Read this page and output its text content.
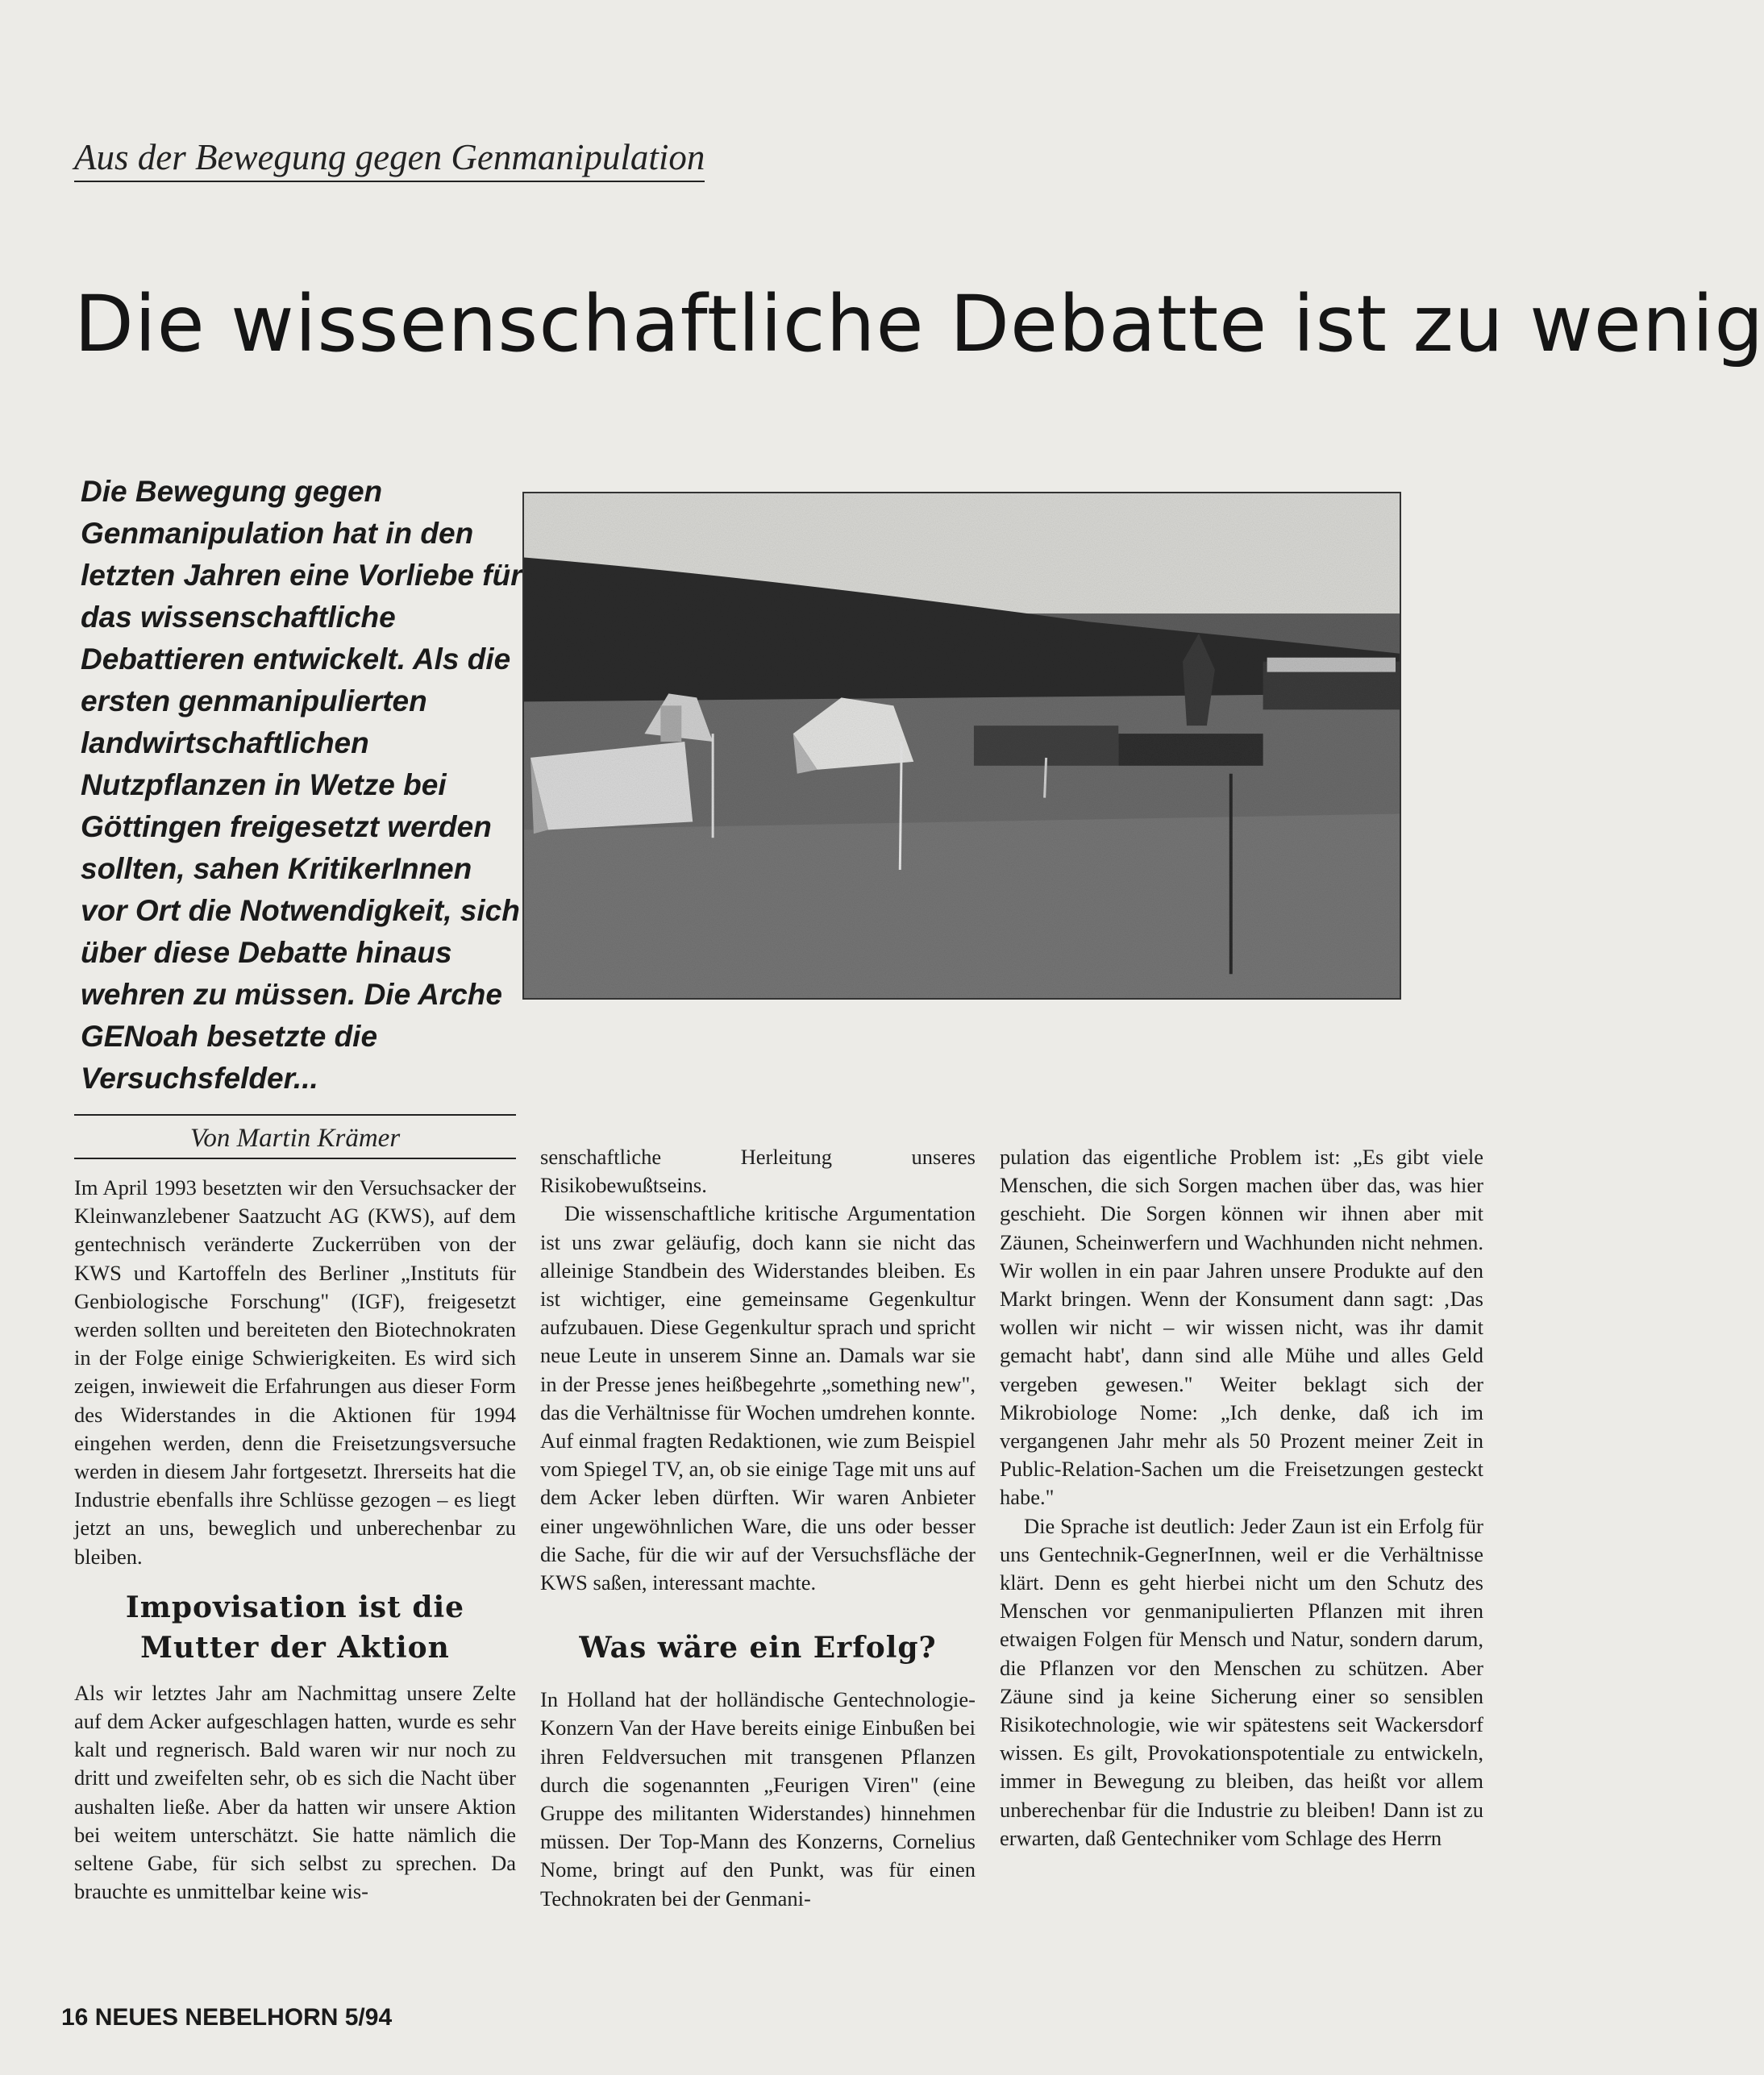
Aus der Bewegung gegen Genmanipulation
Die wissenschaftliche Debatte ist zu wenig

Die Bewegung gegen Genmanipulation hat in den letzten Jahren eine Vorliebe für das wissenschaftliche Debattieren entwickelt. Als die ersten genmanipulierten landwirtschaftlichen Nutzpflanzen in Wetze bei Göttingen freigesetzt werden sollten, sahen KritikerInnen vor Ort die Notwendigkeit, sich über diese Debatte hinaus wehren zu müssen. Die Arche GENoah besetzte die Versuchsfelder...

Von Martin Krämer

Im April 1993 besetzten wir den Versuchsacker der Kleinwanzlebener Saatzucht AG (KWS), auf dem gentechnisch veränderte Zuckerrüben von der KWS und Kartoffeln des Berliner „Instituts für Genbiologische Forschung" (IGF), freigesetzt werden sollten und bereiteten den Biotechnokraten in der Folge einige Schwierigkeiten. Es wird sich zeigen, inwieweit die Erfahrungen aus dieser Form des Widerstandes in die Aktionen für 1994 eingehen werden, denn die Freisetzungsversuche werden in diesem Jahr fortgesetzt. Ihrerseits hat die Industrie ebenfalls ihre Schlüsse gezogen – es liegt jetzt an uns, beweglich und unberechenbar zu bleiben.

Impovisation ist die Mutter der Aktion

Als wir letztes Jahr am Nachmittag unsere Zelte auf dem Acker aufgeschlagen hatten, wurde es sehr kalt und regnerisch. Bald waren wir nur noch zu dritt und zweifelten sehr, ob es sich die Nacht über aushalten ließe. Aber da hatten wir unsere Aktion bei weitem unterschätzt. Sie hatte nämlich die seltene Gabe, für sich selbst zu sprechen. Da brauchte es unmittelbar keine wis-

senschaftliche Herleitung unseres Risikobewußtseins.

Die wissenschaftliche kritische Argumentation ist uns zwar geläufig, doch kann sie nicht das alleinige Standbein des Widerstandes bleiben. Es ist wichtiger, eine gemeinsame Gegenkultur aufzubauen. Diese Gegenkultur sprach und spricht neue Leute in unserem Sinne an. Damals war sie in der Presse jenes heißbegehrte „something new", das die Verhältnisse für Wochen umdrehen konnte. Auf einmal fragten Redaktionen, wie zum Beispiel vom Spiegel TV, an, ob sie einige Tage mit uns auf dem Acker leben dürften. Wir waren Anbieter einer ungewöhnlichen Ware, die uns oder besser die Sache, für die wir auf der Versuchsfläche der KWS saßen, interessant machte.

Was wäre ein Erfolg?

In Holland hat der holländische Gentechnologie-Konzern Van der Have bereits einige Einbußen bei ihren Feldversuchen mit transgenen Pflanzen durch die sogenannten „Feurigen Viren" (eine Gruppe des militanten Widerstandes) hinnehmen müssen. Der Top-Mann des Konzerns, Cornelius Nome, bringt auf den Punkt, was für einen Technokraten bei der Genmani-

pulation das eigentliche Problem ist: „Es gibt viele Menschen, die sich Sorgen machen über das, was hier geschieht. Die Sorgen können wir ihnen aber mit Zäunen, Scheinwerfern und Wachhunden nicht nehmen. Wir wollen in ein paar Jahren unsere Produkte auf den Markt bringen. Wenn der Konsument dann sagt: ‚Das wollen wir nicht – wir wissen nicht, was ihr damit gemacht habt', dann sind alle Mühe und alles Geld vergeben gewesen." Weiter beklagt sich der Mikrobiologe Nome: „Ich denke, daß ich im vergangenen Jahr mehr als 50 Prozent meiner Zeit in Public-Relation-Sachen um die Freisetzungen gesteckt habe."

Die Sprache ist deutlich: Jeder Zaun ist ein Erfolg für uns Gentechnik-GegnerInnen, weil er die Verhältnisse klärt. Denn es geht hierbei nicht um den Schutz des Menschen vor genmanipulierten Pflanzen mit ihren etwaigen Folgen für Mensch und Natur, sondern darum, die Pflanzen vor den Menschen zu schützen. Aber Zäune sind ja keine Sicherung einer so sensiblen Risikotechnologie, wie wir spätestens seit Wackersdorf wissen. Es gilt, Provokationspotentiale zu entwickeln, immer in Bewegung zu bleiben, das heißt vor allem unberechenbar für die Industrie zu bleiben! Dann ist zu erwarten, daß Gentechniker vom Schlage des Herrn

16 NEUES NEBELHORN 5/94
